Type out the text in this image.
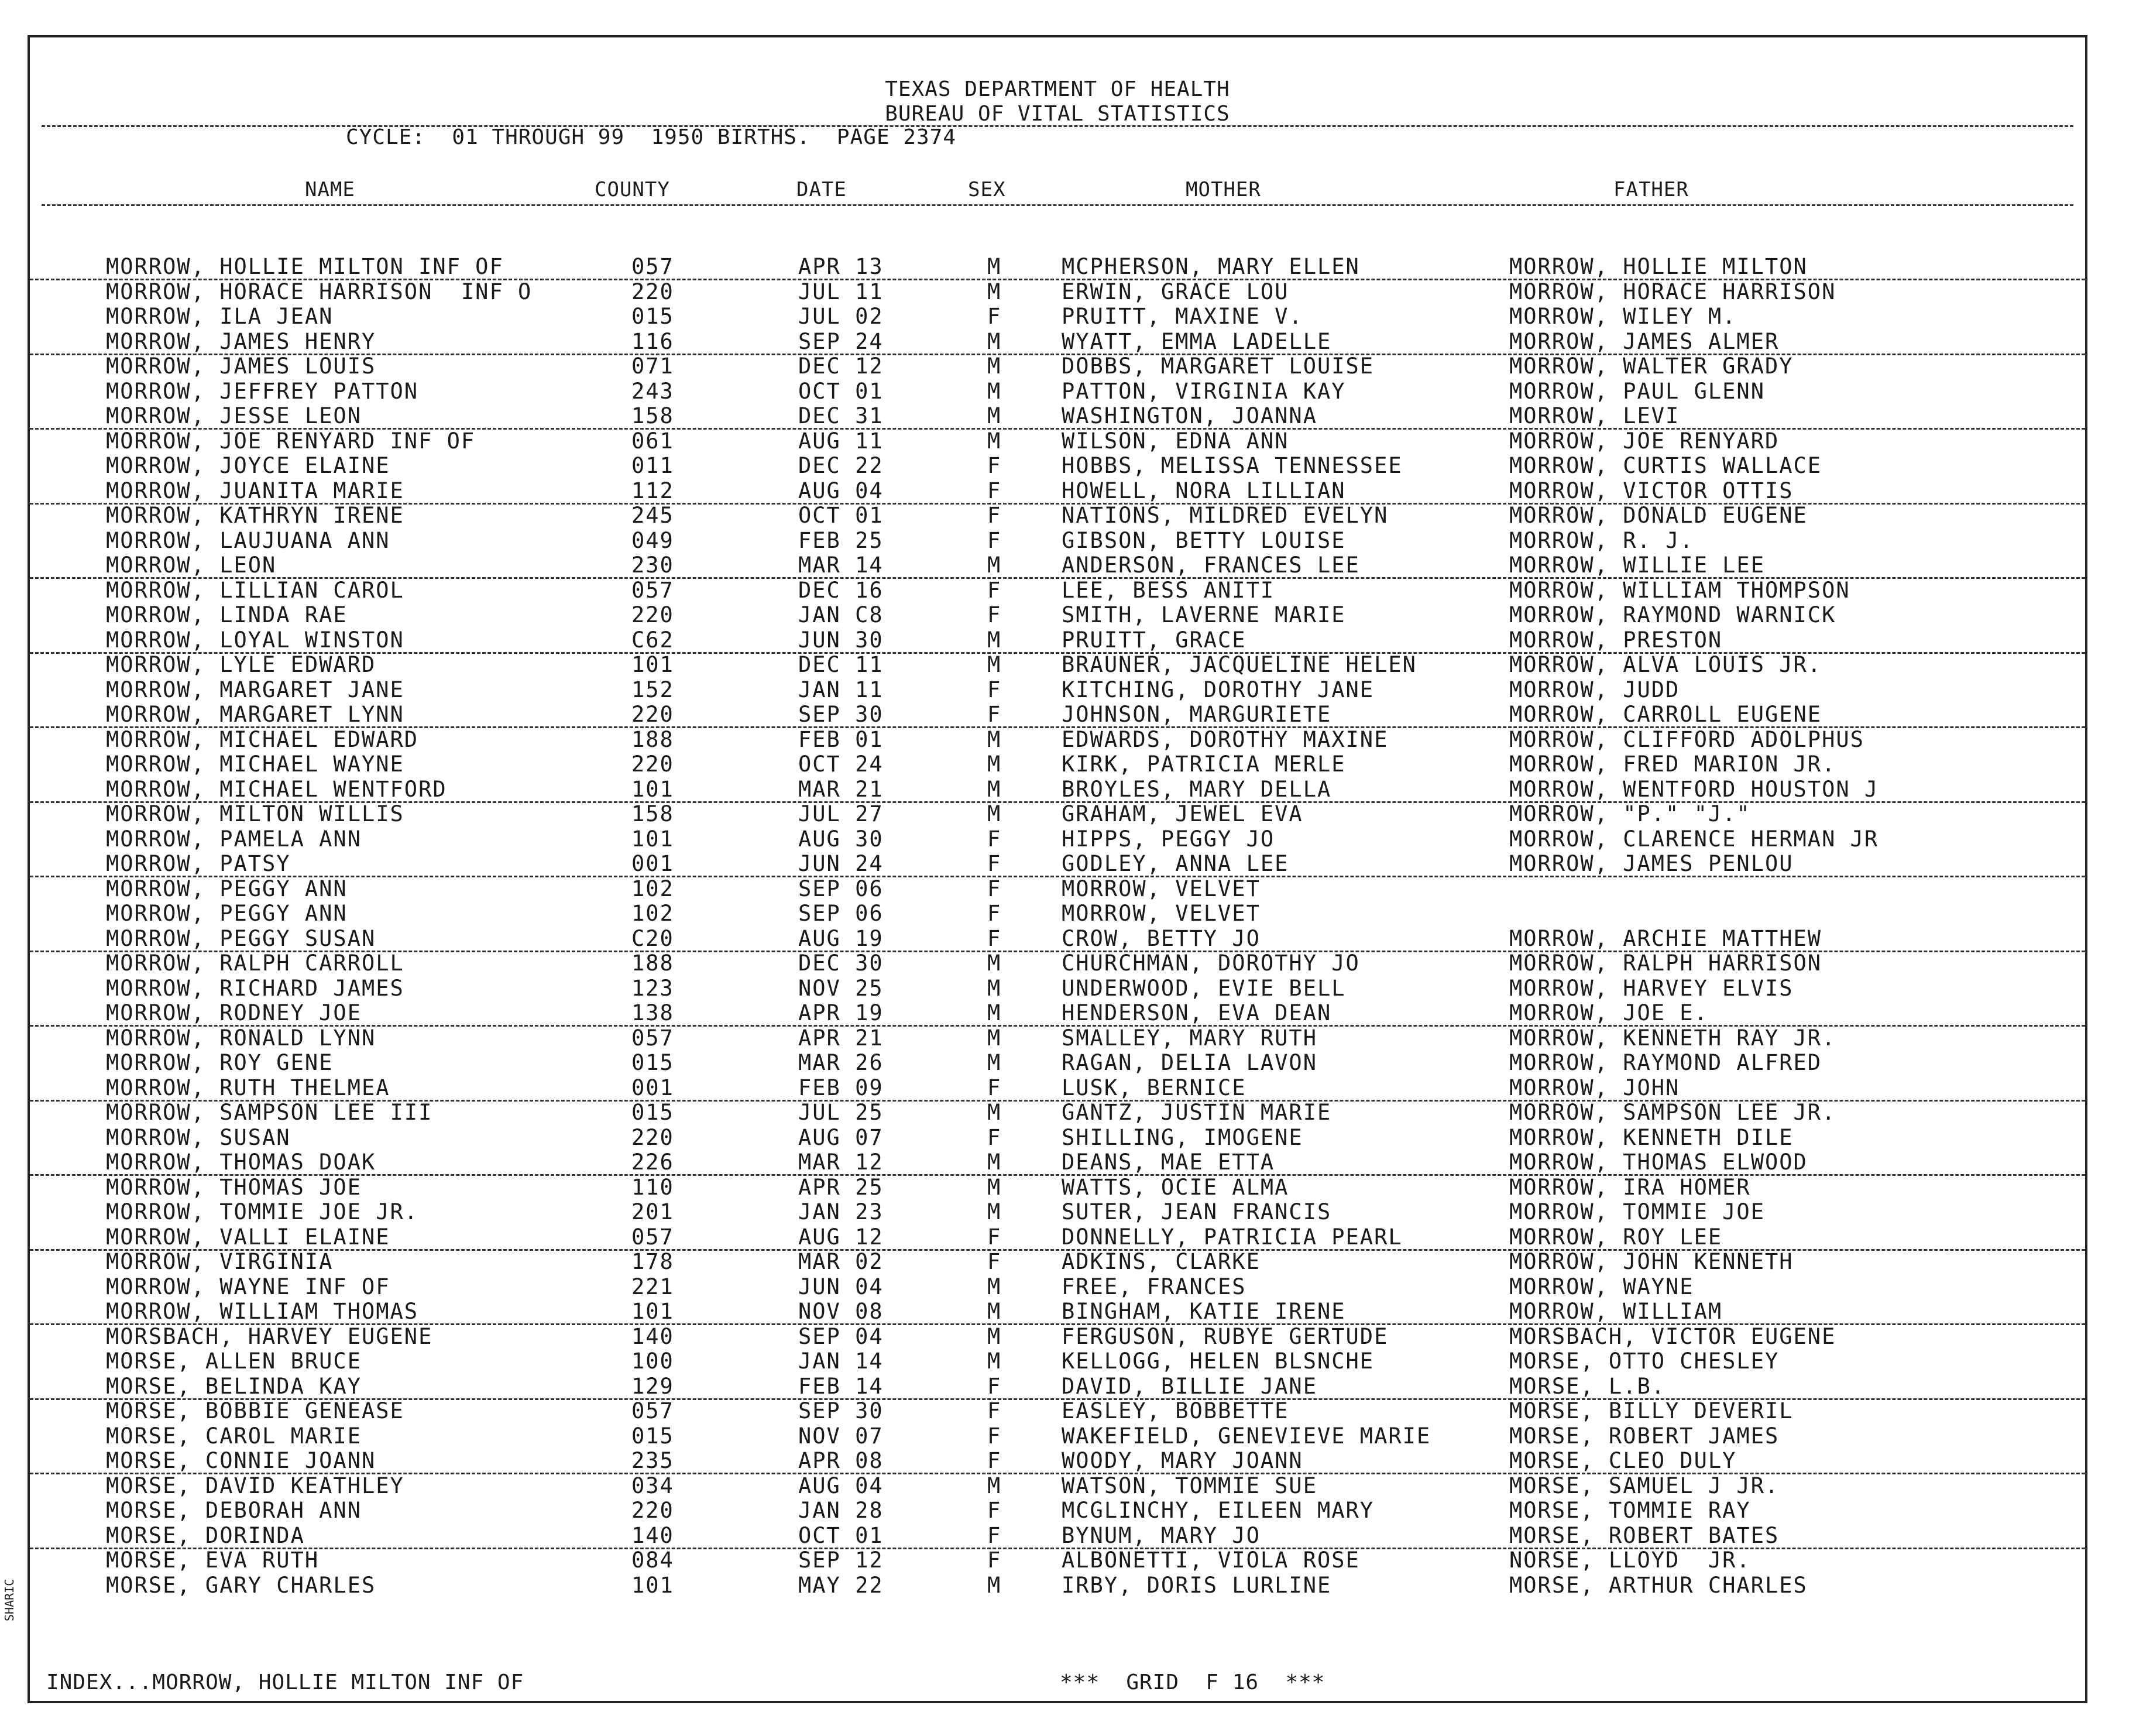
TEXAS DEPARTMENT OF HEALTH
BUREAU OF VITAL STATISTICS
CYCLE:  01 THROUGH 99  1950 BIRTHS.  PAGE 2374
NAME	COUNTY	DATE	SEX	MOTHER	FATHER
MORROW, HOLLIE MILTON INF OF	057	APR 13	M	MCPHERSON, MARY ELLEN	MORROW, HOLLIE MILTON
MORROW, HORACE HARRISON  INF O	220	JUL 11	M	ERWIN, GRACE LOU	MORROW, HORACE HARRISON
MORROW, ILA JEAN	015	JUL 02	F	PRUITT, MAXINE V.	MORROW, WILEY M.
MORROW, JAMES HENRY	116	SEP 24	M	WYATT, EMMA LADELLE	MORROW, JAMES ALMER
MORROW, JAMES LOUIS	071	DEC 12	M	DOBBS, MARGARET LOUISE	MORROW, WALTER GRADY
MORROW, JEFFREY PATTON	243	OCT 01	M	PATTON, VIRGINIA KAY	MORROW, PAUL GLENN
MORROW, JESSE LEON	158	DEC 31	M	WASHINGTON, JOANNA	MORROW, LEVI
MORROW, JOE RENYARD INF OF	061	AUG 11	M	WILSON, EDNA ANN	MORROW, JOE RENYARD
MORROW, JOYCE ELAINE	011	DEC 22	F	HOBBS, MELISSA TENNESSEE	MORROW, CURTIS WALLACE
MORROW, JUANITA MARIE	112	AUG 04	F	HOWELL, NORA LILLIAN	MORROW, VICTOR OTTIS
MORROW, KATHRYN IRENE	245	OCT 01	F	NATIONS, MILDRED EVELYN	MORROW, DONALD EUGENE
MORROW, LAUJUANA ANN	049	FEB 25	F	GIBSON, BETTY LOUISE	MORROW, R. J.
MORROW, LEON	230	MAR 14	M	ANDERSON, FRANCES LEE	MORROW, WILLIE LEE
MORROW, LILLIAN CAROL	057	DEC 16	F	LEE, BESS ANITI	MORROW, WILLIAM THOMPSON
MORROW, LINDA RAE	220	JAN C8	F	SMITH, LAVERNE MARIE	MORROW, RAYMOND WARNICK
MORROW, LOYAL WINSTON	C62	JUN 30	M	PRUITT, GRACE	MORROW, PRESTON
MORROW, LYLE EDWARD	101	DEC 11	M	BRAUNER, JACQUELINE HELEN	MORROW, ALVA LOUIS JR.
MORROW, MARGARET JANE	152	JAN 11	F	KITCHING, DOROTHY JANE	MORROW, JUDD
MORROW, MARGARET LYNN	220	SEP 30	F	JOHNSON, MARGURIETE	MORROW, CARROLL EUGENE
MORROW, MICHAEL EDWARD	188	FEB 01	M	EDWARDS, DOROTHY MAXINE	MORROW, CLIFFORD ADOLPHUS
MORROW, MICHAEL WAYNE	220	OCT 24	M	KIRK, PATRICIA MERLE	MORROW, FRED MARION JR.
MORROW, MICHAEL WENTFORD	101	MAR 21	M	BROYLES, MARY DELLA	MORROW, WENTFORD HOUSTON J
MORROW, MILTON WILLIS	158	JUL 27	M	GRAHAM, JEWEL EVA	MORROW, "P." "J."
MORROW, PAMELA ANN	101	AUG 30	F	HIPPS, PEGGY JO	MORROW, CLARENCE HERMAN JR
MORROW, PATSY	001	JUN 24	F	GODLEY, ANNA LEE	MORROW, JAMES PENLOU
MORROW, PEGGY ANN	102	SEP 06	F	MORROW, VELVET
MORROW, PEGGY ANN	102	SEP 06	F	MORROW, VELVET
MORROW, PEGGY SUSAN	C20	AUG 19	F	CROW, BETTY JO	MORROW, ARCHIE MATTHEW
MORROW, RALPH CARROLL	188	DEC 30	M	CHURCHMAN, DOROTHY JO	MORROW, RALPH HARRISON
MORROW, RICHARD JAMES	123	NOV 25	M	UNDERWOOD, EVIE BELL	MORROW, HARVEY ELVIS
MORROW, RODNEY JOE	138	APR 19	M	HENDERSON, EVA DEAN	MORROW, JOE E.
MORROW, RONALD LYNN	057	APR 21	M	SMALLEY, MARY RUTH	MORROW, KENNETH RAY JR.
MORROW, ROY GENE	015	MAR 26	M	RAGAN, DELIA LAVON	MORROW, RAYMOND ALFRED
MORROW, RUTH THELMEA	001	FEB 09	F	LUSK, BERNICE	MORROW, JOHN
MORROW, SAMPSON LEE III	015	JUL 25	M	GANTZ, JUSTIN MARIE	MORROW, SAMPSON LEE JR.
MORROW, SUSAN	220	AUG 07	F	SHILLING, IMOGENE	MORROW, KENNETH DILE
MORROW, THOMAS DOAK	226	MAR 12	M	DEANS, MAE ETTA	MORROW, THOMAS ELWOOD
MORROW, THOMAS JOE	110	APR 25	M	WATTS, OCIE ALMA	MORROW, IRA HOMER
MORROW, TOMMIE JOE JR.	201	JAN 23	M	SUTER, JEAN FRANCIS	MORROW, TOMMIE JOE
MORROW, VALLI ELAINE	057	AUG 12	F	DONNELLY, PATRICIA PEARL	MORROW, ROY LEE
MORROW, VIRGINIA	178	MAR 02	F	ADKINS, CLARKE	MORROW, JOHN KENNETH
MORROW, WAYNE INF OF	221	JUN 04	M	FREE, FRANCES	MORROW, WAYNE
MORROW, WILLIAM THOMAS	101	NOV 08	M	BINGHAM, KATIE IRENE	MORROW, WILLIAM
MORSBACH, HARVEY EUGENE	140	SEP 04	M	FERGUSON, RUBYE GERTUDE	MORSBACH, VICTOR EUGENE
MORSE, ALLEN BRUCE	100	JAN 14	M	KELLOGG, HELEN BLSNCHE	MORSE, OTTO CHESLEY
MORSE, BELINDA KAY	129	FEB 14	F	DAVID, BILLIE JANE	MORSE, L.B.
MORSE, BOBBIE GENEASE	057	SEP 30	F	EASLEY, BOBBETTE	MORSE, BILLY DEVERIL
MORSE, CAROL MARIE	015	NOV 07	F	WAKEFIELD, GENEVIEVE MARIE	MORSE, ROBERT JAMES
MORSE, CONNIE JOANN	235	APR 08	F	WOODY, MARY JOANN	MORSE, CLEO DULY
MORSE, DAVID KEATHLEY	034	AUG 04	M	WATSON, TOMMIE SUE	MORSE, SAMUEL J JR.
MORSE, DEBORAH ANN	220	JAN 28	F	MCGLINCHY, EILEEN MARY	MORSE, TOMMIE RAY
MORSE, DORINDA	140	OCT 01	F	BYNUM, MARY JO	MORSE, ROBERT BATES
MORSE, EVA RUTH	084	SEP 12	F	ALBONETTI, VIOLA ROSE	NORSE, LLOYD  JR.
MORSE, GARY CHARLES	101	MAY 22	M	IRBY, DORIS LURLINE	MORSE, ARTHUR CHARLES
INDEX...MORROW, HOLLIE MILTON INF OF	***  GRID  F 16  ***
SHARIC
